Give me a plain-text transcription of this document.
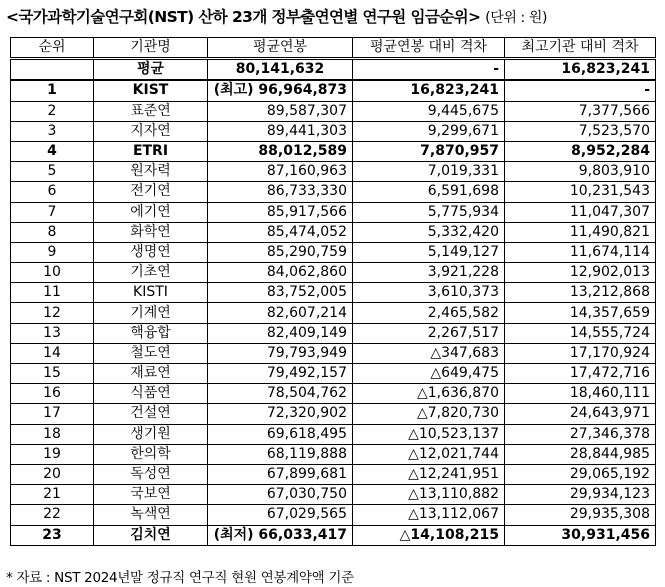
<국가과학기술연구회(NST) 산하 23개 정부출연연별 연구원 임금순위> (단위 : 원)
순위	기관명	평균연봉	평균연봉 대비 격차	최고기관 대비 격차
	평균	80,141,632	-	16,823,241
1	KIST	(최고) 96,964,873	16,823,241	-
2	표준연	89,587,307	9,445,675	7,377,566
3	지자연	89,441,303	9,299,671	7,523,570
4	ETRI	88,012,589	7,870,957	8,952,284
5	원자력	87,160,963	7,019,331	9,803,910
6	전기연	86,733,330	6,591,698	10,231,543
7	에기연	85,917,566	5,775,934	11,047,307
8	화학연	85,474,052	5,332,420	11,490,821
9	생명연	85,290,759	5,149,127	11,674,114
10	기초연	84,062,860	3,921,228	12,902,013
11	KISTI	83,752,005	3,610,373	13,212,868
12	기계연	82,607,214	2,465,582	14,357,659
13	핵융합	82,409,149	2,267,517	14,555,724
14	철도연	79,793,949	△347,683	17,170,924
15	재료연	79,492,157	△649,475	17,472,716
16	식품연	78,504,762	△1,636,870	18,460,111
17	건설연	72,320,902	△7,820,730	24,643,971
18	생기원	69,618,495	△10,523,137	27,346,378
19	한의학	68,119,888	△12,021,744	28,844,985
20	독성연	67,899,681	△12,241,951	29,065,192
21	국보연	67,030,750	△13,110,882	29,934,123
22	녹색연	67,029,565	△13,112,067	29,935,308
23	김치연	(최저) 66,033,417	△14,108,215	30,931,456
* 자료 : NST 2024년말 정규직 연구직 현원 연봉계약액 기준
